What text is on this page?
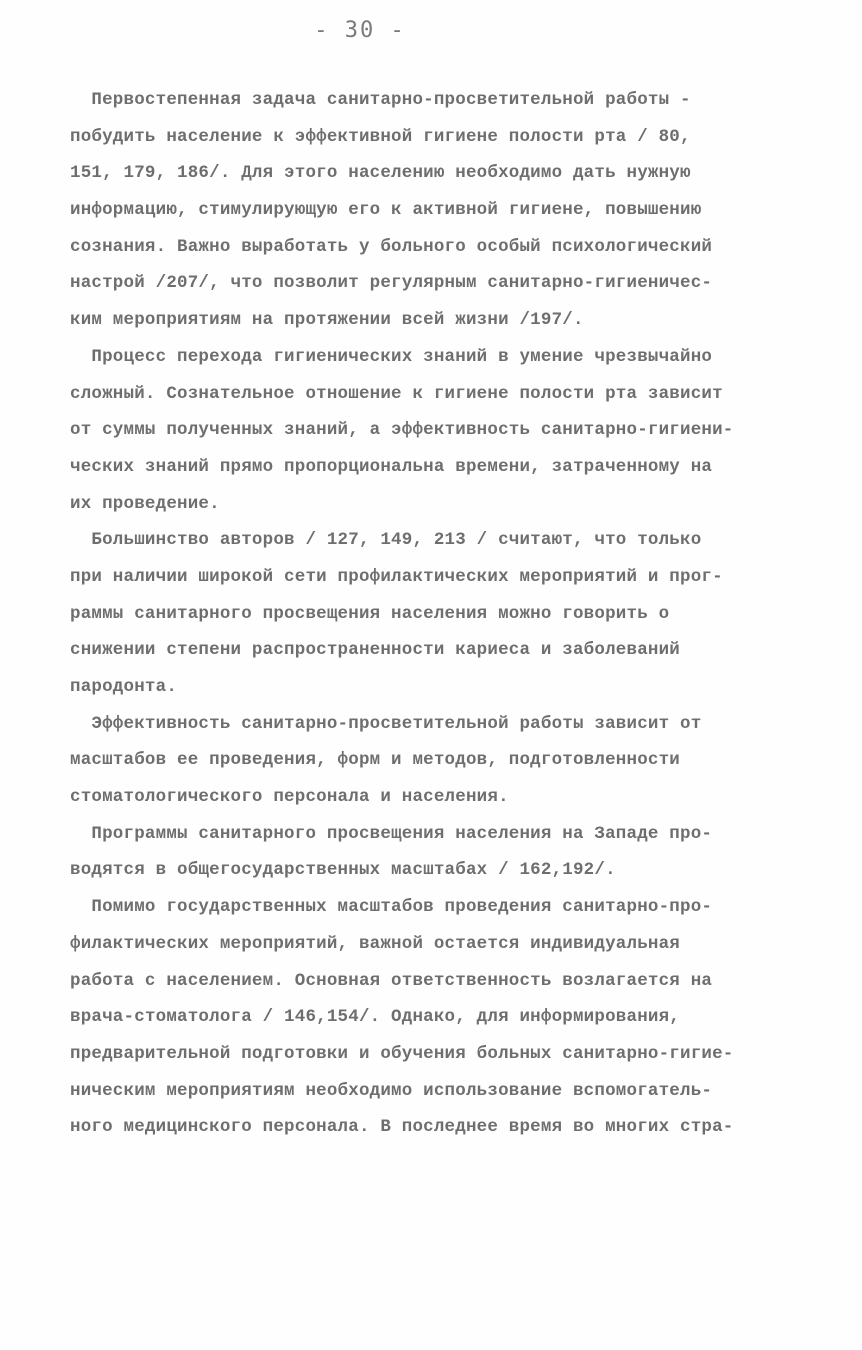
- 30 -
Первостепенная задача санитарно-просветительной работы -
побудить население к эффективной гигиене полости рта / 80,
151, 179, 186/. Для этого населению необходимо дать нужную
информацию, стимулирующую его к активной гигиене, повышению
сознания. Важно выработать у больного особый психологический
настрой /207/, что позволит регулярным санитарно-гигиеничес-
ким мероприятиям на протяжении всей жизни /197/.
Процесс перехода гигиенических знаний в умение чрезвычайно
сложный. Сознательное отношение к гигиене полости рта зависит
от суммы полученных знаний, а эффективность санитарно-гигиени-
ческих знаний прямо пропорциональна времени, затраченному на
их проведение.
Большинство авторов / 127, 149, 213 / считают, что только
при наличии широкой сети профилактических мероприятий и прог-
раммы санитарного просвещения населения можно говорить о
снижении степени распространенности кариеса и заболеваний
пародонта.
Эффективность санитарно-просветительной работы зависит от
масштабов ее проведения, форм и методов, подготовленности
стоматологического персонала и населения.
Программы санитарного просвещения населения на Западе про-
водятся в общегосударственных масштабах / 162,192/.
Помимо государственных масштабов проведения санитарно-про-
филактических мероприятий, важной остается индивидуальная
работа с населением. Основная ответственность возлагается на
врача-стоматолога / 146,154/. Однако, для информирования,
предварительной подготовки и обучения больных санитарно-гигие-
ническим мероприятиям необходимо использование вспомогатель-
ного медицинского персонала. В последнее время во многих стра-
